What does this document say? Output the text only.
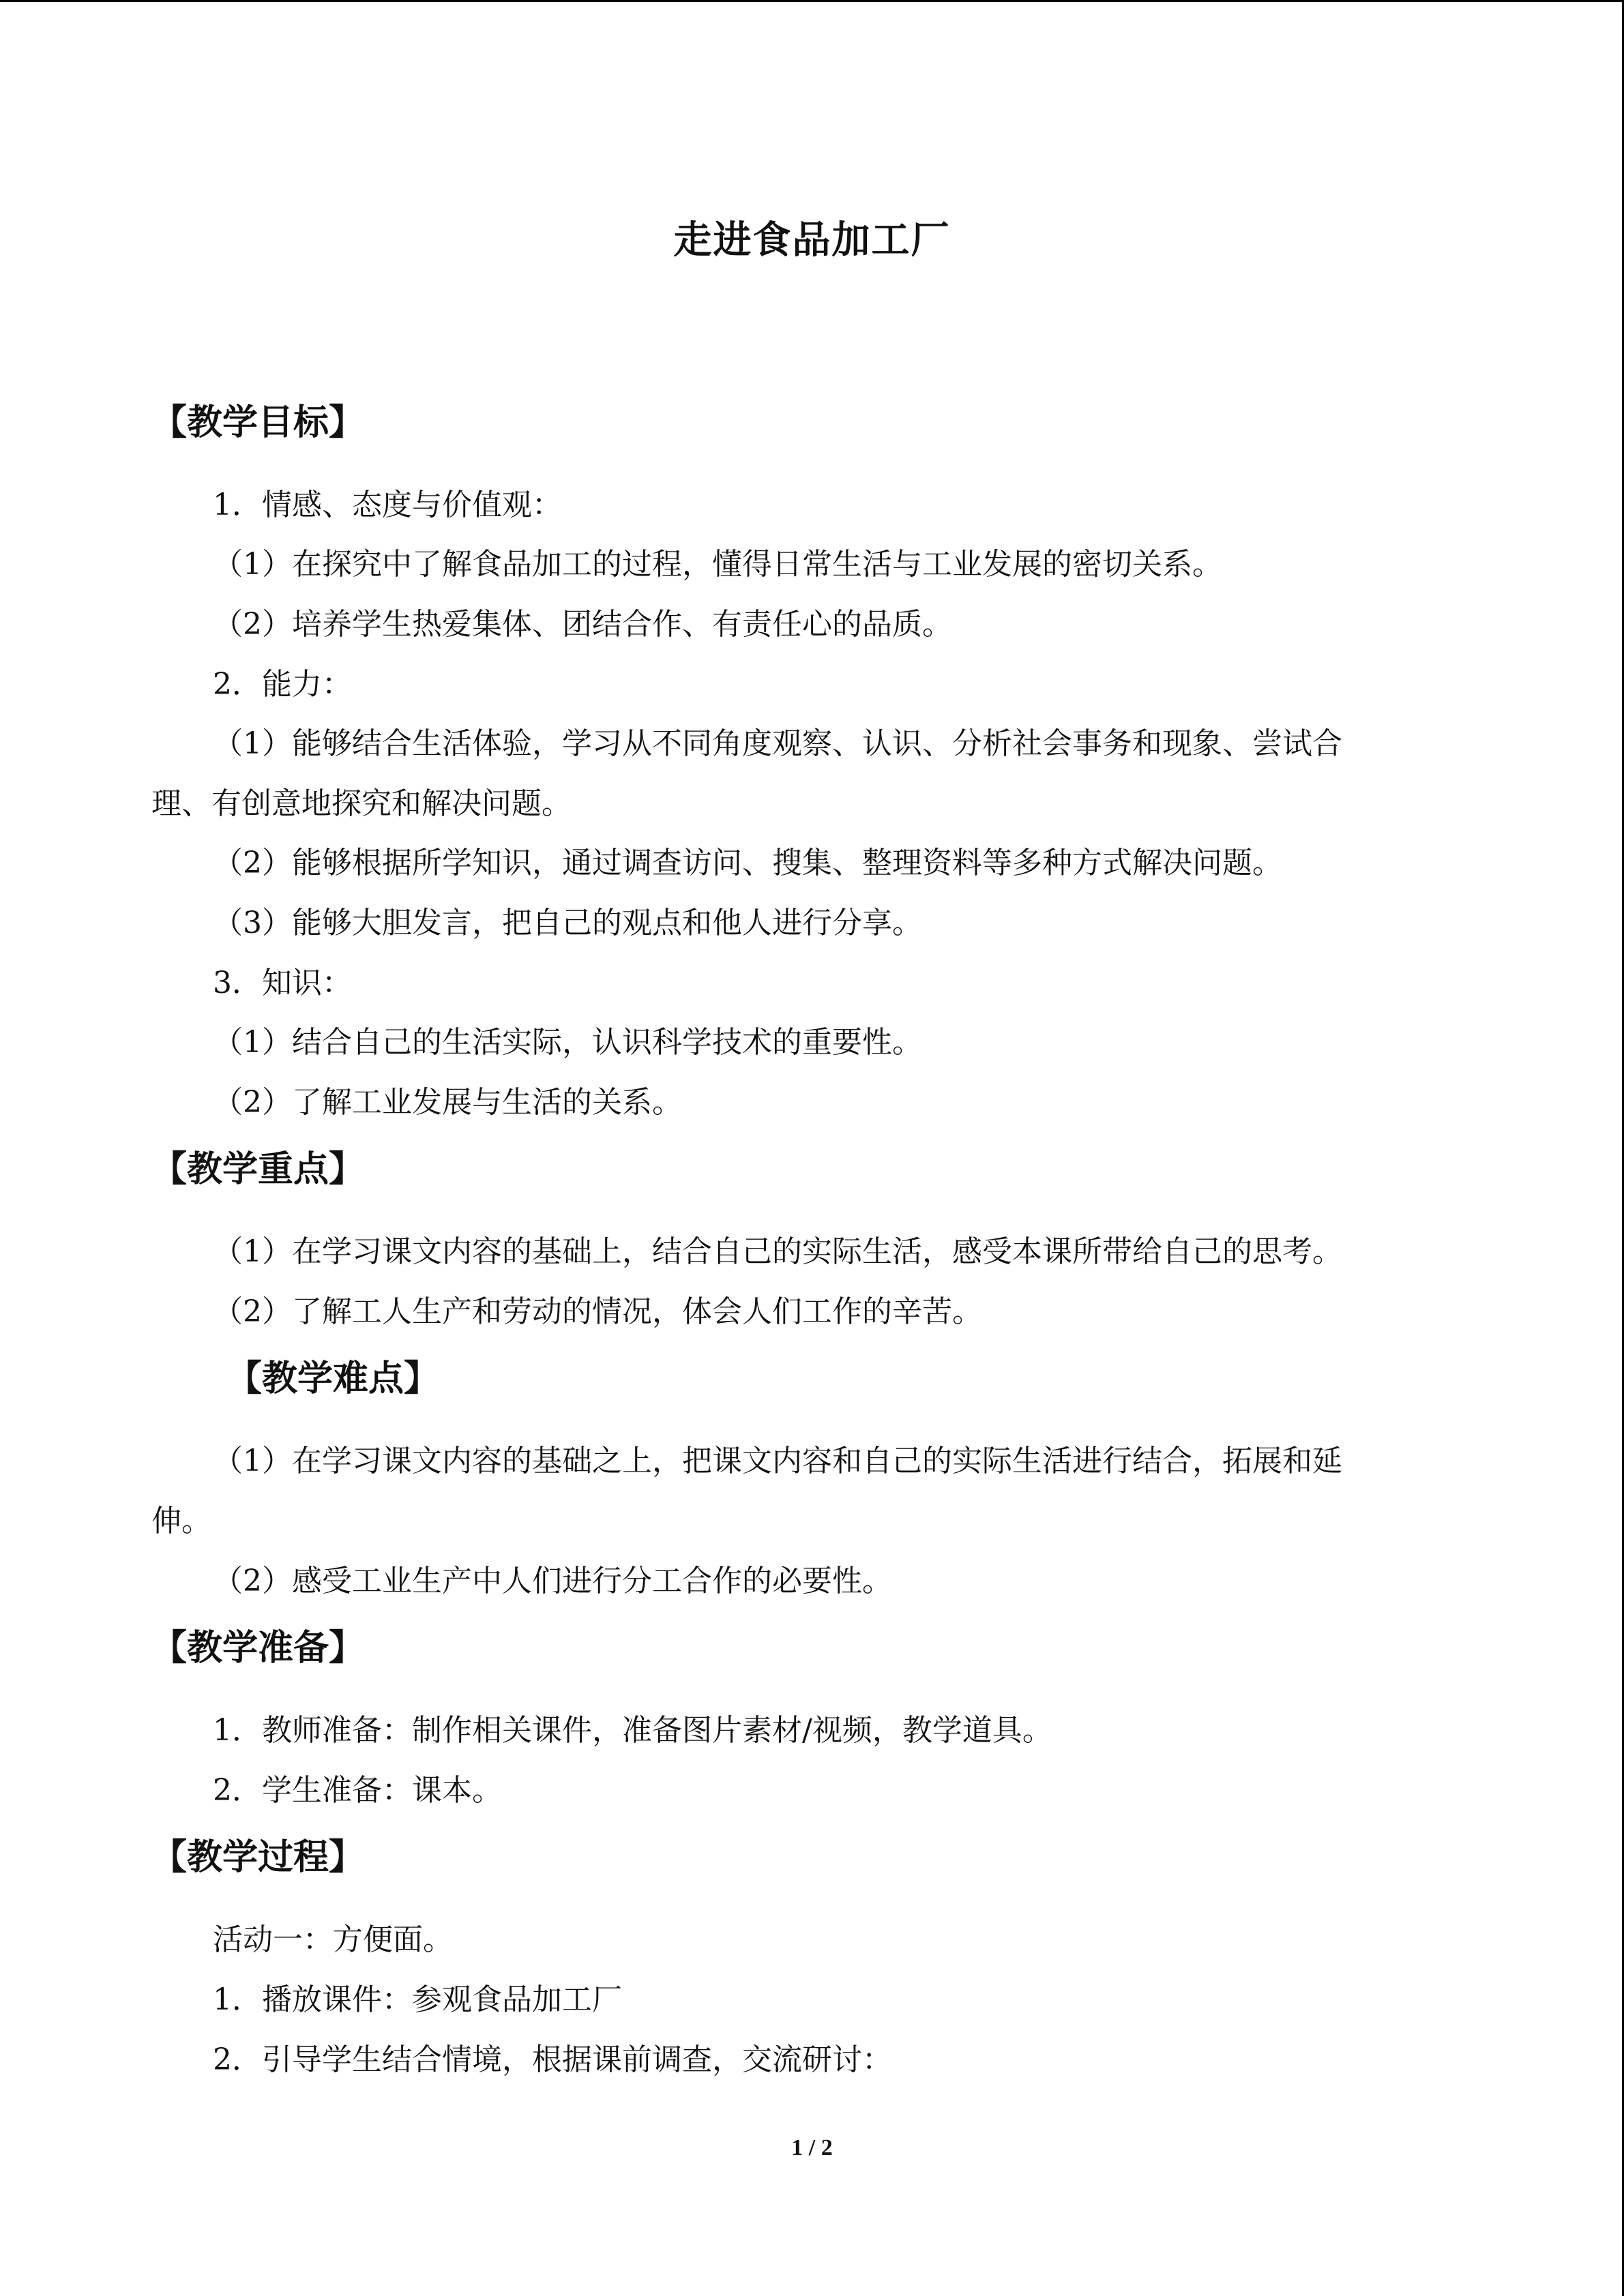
走进食品加工厂
【教学目标】
1．情感、态度与价值观：
（1）在探究中了解食品加工的过程，懂得日常生活与工业发展的密切关系。
（2）培养学生热爱集体、团结合作、有责任心的品质。
2．能力：
（1）能够结合生活体验，学习从不同角度观察、认识、分析社会事务和现象、尝试合
理、有创意地探究和解决问题。
（2）能够根据所学知识，通过调查访问、搜集、整理资料等多种方式解决问题。
（3）能够大胆发言，把自己的观点和他人进行分享。
3．知识：
（1）结合自己的生活实际，认识科学技术的重要性。
（2）了解工业发展与生活的关系。
【教学重点】
（1）在学习课文内容的基础上，结合自己的实际生活，感受本课所带给自己的思考。
（2）了解工人生产和劳动的情况，体会人们工作的辛苦。
【教学难点】
（1）在学习课文内容的基础之上，把课文内容和自己的实际生活进行结合，拓展和延
伸。
（2）感受工业生产中人们进行分工合作的必要性。
【教学准备】
1．教师准备：制作相关课件，准备图片素材/视频，教学道具。
2．学生准备：课本。
【教学过程】
活动一：方便面。
1．播放课件：参观食品加工厂
2．引导学生结合情境，根据课前调查，交流研讨：
1 / 2
